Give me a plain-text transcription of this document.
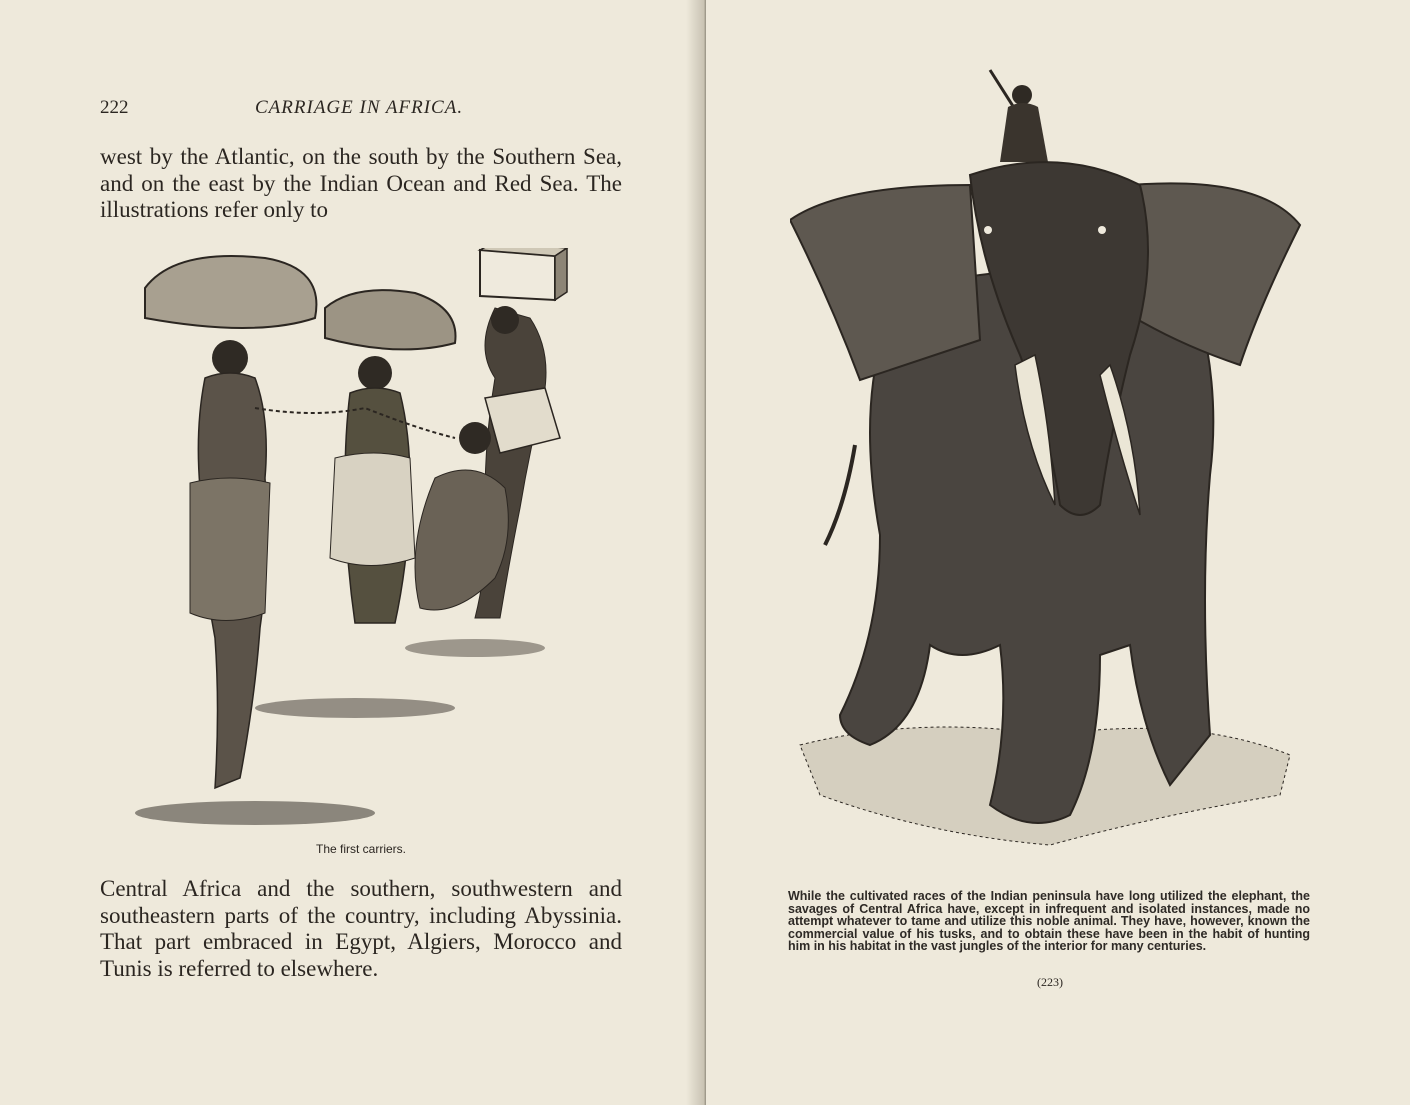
222	CARRIAGE IN AFRICA.

west by the Atlantic, on the south by the Southern Sea, and on the east by the Indian Ocean and Red Sea. The illustrations refer only to

The first carriers.

Central Africa and the southern, southwestern and southeastern parts of the country, including Abyssinia. That part embraced in Egypt, Algiers, Morocco and Tunis is referred to elsewhere.

While the cultivated races of the Indian peninsula have long utilized the elephant, the savages of Central Africa have, except in infrequent and isolated instances, made no attempt whatever to tame and utilize this noble animal. They have, however, known the commercial value of his tusks, and to obtain these have been in the habit of hunting him in his habitat in the vast jungles of the interior for many centuries.

(223)
